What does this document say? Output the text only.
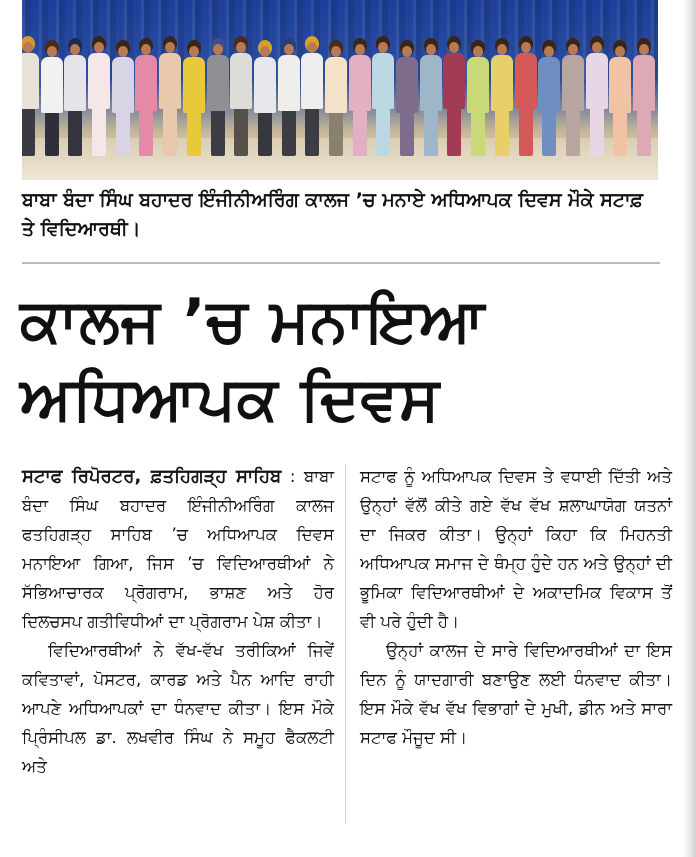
ਬਾਬਾ ਬੰਦਾ ਸਿੰਘ ਬਹਾਦਰ ਇੰਜੀਨੀਅਰਿੰਗ ਕਾਲਜ ’ਚ ਮਨਾਏ ਅਧਿਆਪਕ ਦਿਵਸ ਮੌਕੇ ਸਟਾਫ਼ ਤੇ ਵਿਦਿਆਰਥੀ।

ਕਾਲਜ ’ਚ ਮਨਾਇਆ
ਅਧਿਆਪਕ ਦਿਵਸ

ਸਟਾਫ ਰਿਪੋਰਟਰ, ਫ਼ਤਹਿਗੜ੍ਹ ਸਾਹਿਬ : ਬਾਬਾ ਬੰਦਾ ਸਿੰਘ ਬਹਾਦਰ ਇੰਜੀਨੀਅਰਿੰਗ ਕਾਲਜ ਫਤਹਿਗੜ੍ਹ ਸਾਹਿਬ ’ਚ ਅਧਿਆਪਕ ਦਿਵਸ ਮਨਾਇਆ ਗਿਆ, ਜਿਸ ’ਚ ਵਿਦਿਆਰਥੀਆਂ ਨੇ ਸੱਭਿਆਚਾਰਕ ਪ੍ਰੋਗਰਾਮ, ਭਾਸ਼ਣ ਅਤੇ ਹੋਰ ਦਿਲਚਸਪ ਗਤੀਵਿਧੀਆਂ ਦਾ ਪ੍ਰੋਗਰਾਮ ਪੇਸ਼ ਕੀਤਾ।

ਵਿਦਿਆਰਥੀਆਂ ਨੇ ਵੱਖ-ਵੱਖ ਤਰੀਕਿਆਂ ਜਿਵੇਂ ਕਵਿਤਾਵਾਂ, ਪੋਸਟਰ, ਕਾਰਡ ਅਤੇ ਪੈਨ ਆਦਿ ਰਾਹੀ ਆਪਣੇ ਅਧਿਆਪਕਾਂ ਦਾ ਧੰਨਵਾਦ ਕੀਤਾ। ਇਸ ਮੌਕੇ ਪ੍ਰਿੰਸੀਪਲ ਡਾ. ਲਖਵੀਰ ਸਿੰਘ ਨੇ ਸਮੂਹ ਫੈਕਲਟੀ ਅਤੇ

ਸਟਾਫ ਨੂੰ ਅਧਿਆਪਕ ਦਿਵਸ ਤੇ ਵਧਾਈ ਦਿੱਤੀ ਅਤੇ ਉਨ੍ਹਾਂ ਵੱਲੋਂ ਕੀਤੇ ਗਏ ਵੱਖ ਵੱਖ ਸ਼ਲਾਘਾਯੋਗ ਯਤਨਾਂ ਦਾ ਜਿਕਰ ਕੀਤਾ। ਉਨ੍ਹਾਂ ਕਿਹਾ ਕਿ ਮਿਹਨਤੀ ਅਧਿਆਪਕ ਸਮਾਜ ਦੇ ਥੰਮ੍ਹ ਹੁੰਦੇ ਹਨ ਅਤੇ ਉਨ੍ਹਾਂ ਦੀ ਭੂਮਿਕਾ ਵਿਦਿਆਰਥੀਆਂ ਦੇ ਅਕਾਦਮਿਕ ਵਿਕਾਸ ਤੋਂ ਵੀ ਪਰੇ ਹੁੰਦੀ ਹੈ।

ਉਨ੍ਹਾਂ ਕਾਲਜ ਦੇ ਸਾਰੇ ਵਿਦਿਆਰਥੀਆਂ ਦਾ ਇਸ ਦਿਨ ਨੂੰ ਯਾਦਗਾਰੀ ਬਣਾਉਣ ਲਈ ਧੰਨਵਾਦ ਕੀਤਾ। ਇਸ ਮੌਕੇ ਵੱਖ ਵੱਖ ਵਿਭਾਗਾਂ ਦੇ ਮੁਖੀ, ਡੀਨ ਅਤੇ ਸਾਰਾ ਸਟਾਫ ਮੌਜੂਦ ਸੀ।
